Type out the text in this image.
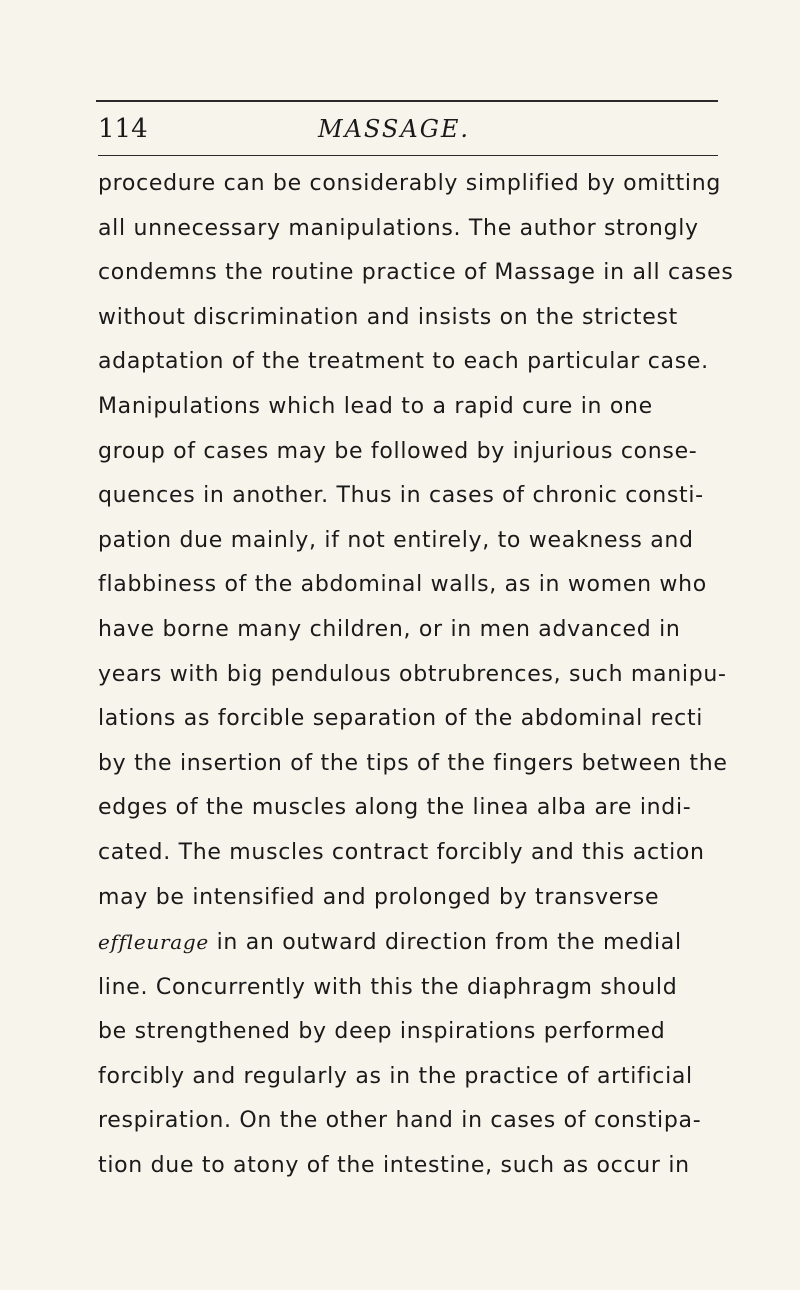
114	MASSAGE.
procedure can be considerably simplified by omitting
all unnecessary manipulations. The author strongly
condemns the routine practice of Massage in all cases
without discrimination and insists on the strictest
adaptation of the treatment to each particular case.
Manipulations which lead to a rapid cure in one
group of cases may be followed by injurious conse-
quences in another. Thus in cases of chronic consti-
pation due mainly, if not entirely, to weakness and
flabbiness of the abdominal walls, as in women who
have borne many children, or in men advanced in
years with big pendulous obtrubrences, such manipu-
lations as forcible separation of the abdominal recti
by the insertion of the tips of the fingers between the
edges of the muscles along the linea alba are indi-
cated. The muscles contract forcibly and this action
may be intensified and prolonged by transverse
effleurage in an outward direction from the medial
line. Concurrently with this the diaphragm should
be strengthened by deep inspirations performed
forcibly and regularly as in the practice of artificial
respiration. On the other hand in cases of constipa-
tion due to atony of the intestine, such as occur in
